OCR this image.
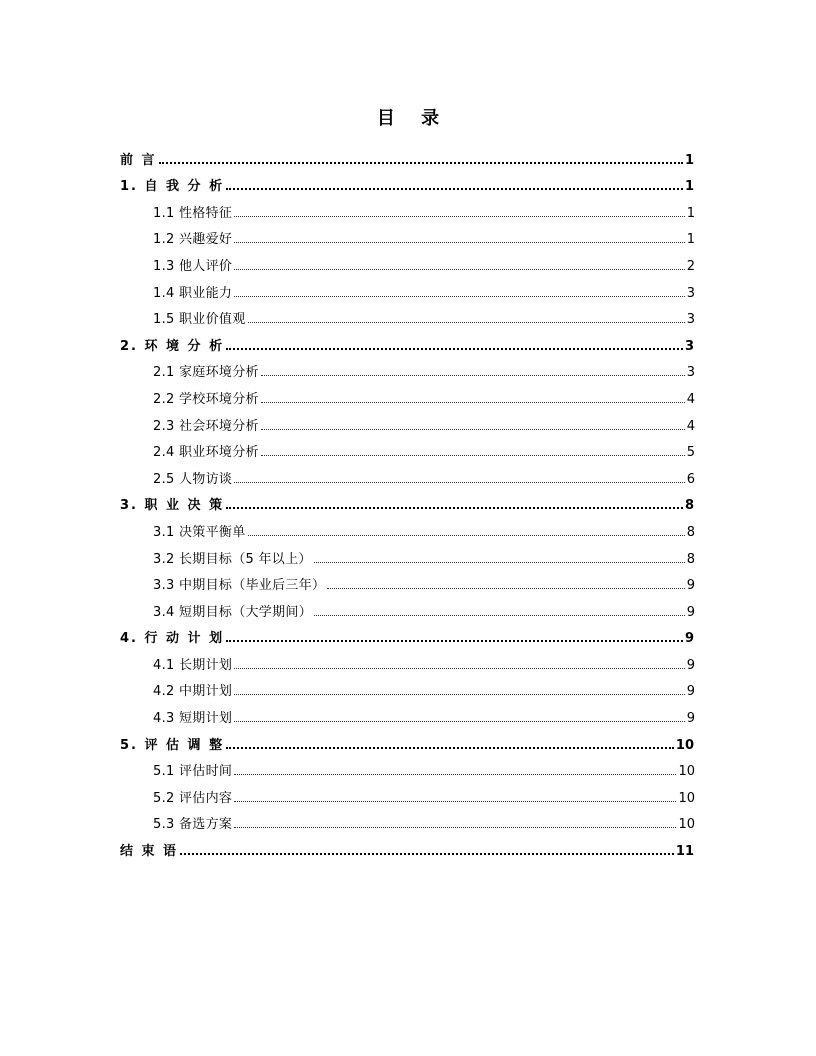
目 录
前 言	1
1. 自 我 分 析	1
1.1 性格特征	1
1.2 兴趣爱好	1
1.3 他人评价	2
1.4 职业能力	3
1.5 职业价值观	3
2. 环 境 分 析	3
2.1 家庭环境分析	3
2.2 学校环境分析	4
2.3 社会环境分析	4
2.4 职业环境分析	5
2.5 人物访谈	6
3. 职 业 决 策	8
3.1 决策平衡单	8
3.2 长期目标（5 年以上）	8
3.3 中期目标（毕业后三年）	9
3.4 短期目标（大学期间）	9
4. 行 动 计 划	9
4.1 长期计划	9
4.2 中期计划	9
4.3 短期计划	9
5. 评 估 调 整	10
5.1 评估时间	10
5.2 评估内容	10
5.3 备选方案	10
结 束 语	11
